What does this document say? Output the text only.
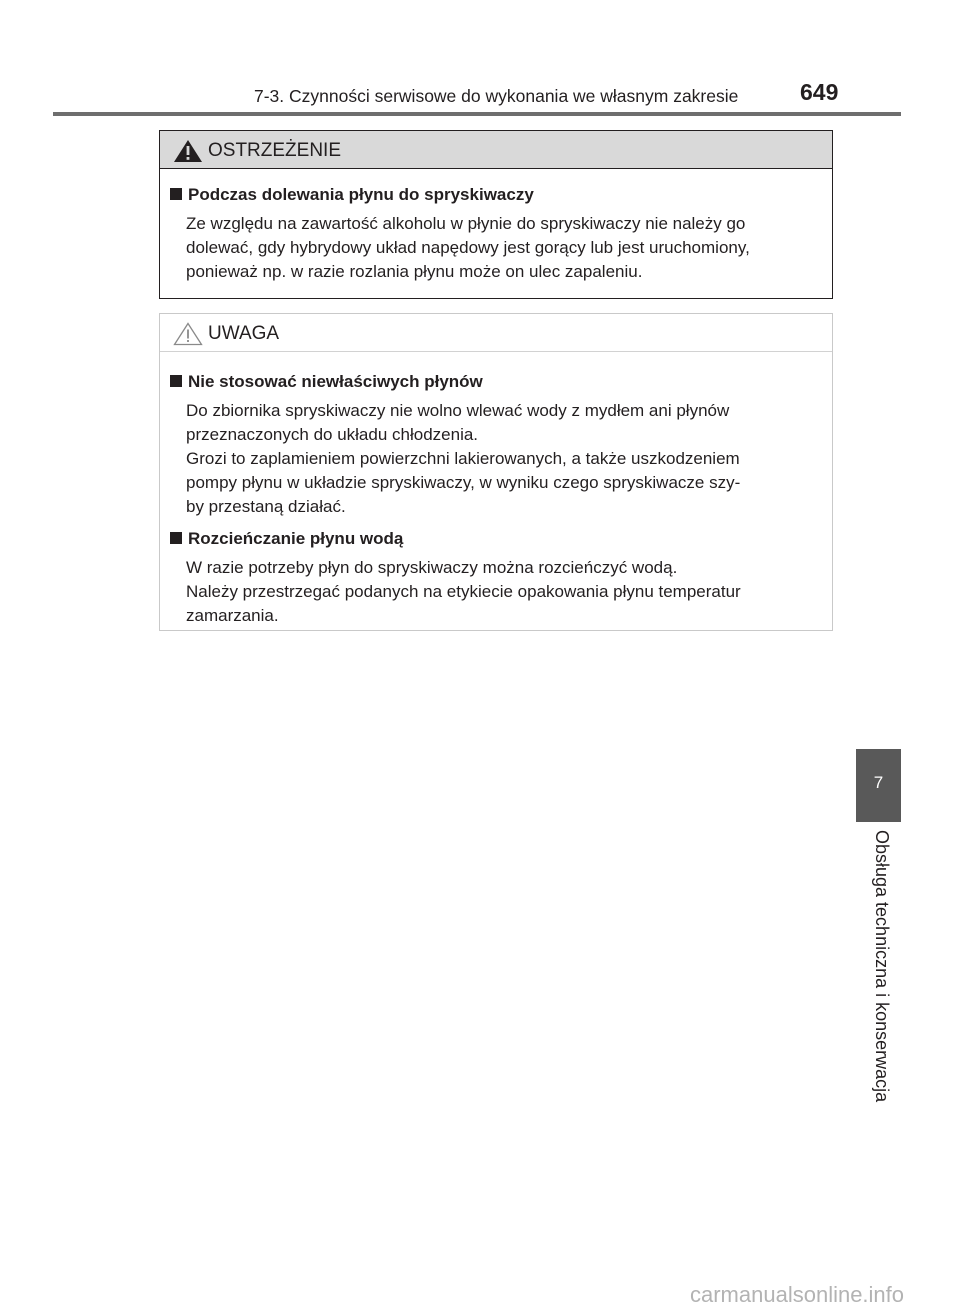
7-3. Czynności serwisowe do wykonania we własnym zakresie	649
OSTRZEŻENIE
Podczas dolewania płynu do spryskiwaczy
Ze względu na zawartość alkoholu w płynie do spryskiwaczy nie należy go
dolewać, gdy hybrydowy układ napędowy jest gorący lub jest uruchomiony,
ponieważ np. w razie rozlania płynu może on ulec zapaleniu.
UWAGA
Nie stosować niewłaściwych płynów
Do zbiornika spryskiwaczy nie wolno wlewać wody z mydłem ani płynów
przeznaczonych do układu chłodzenia.
Grozi to zaplamieniem powierzchni lakierowanych, a także uszkodzeniem
pompy płynu w układzie spryskiwaczy, w wyniku czego spryskiwacze szy-
by przestaną działać.
Rozcieńczanie płynu wodą
W razie potrzeby płyn do spryskiwaczy można rozcieńczyć wodą.
Należy przestrzegać podanych na etykiecie opakowania płynu temperatur
zamarzania.
7
Obsługa techniczna i konserwacja
carmanualsonline.info
